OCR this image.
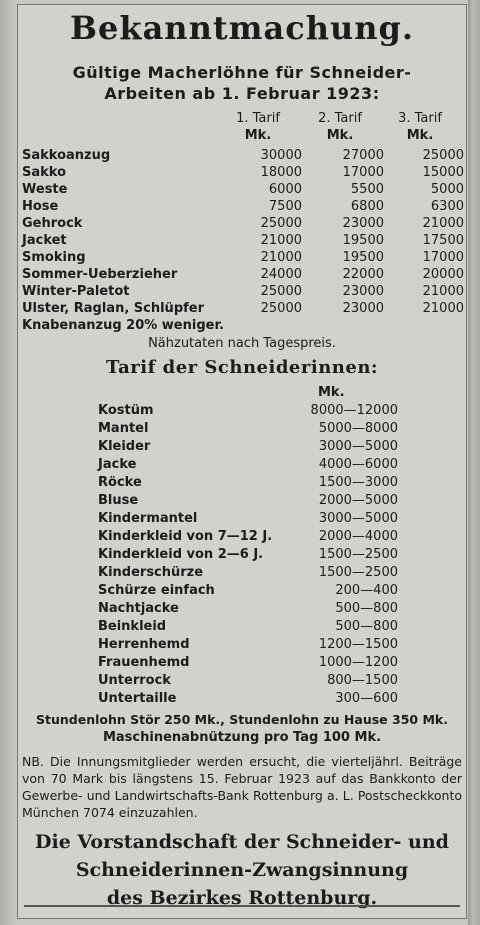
Bekanntmachung.
Gültige Macherlöhne für Schneider-
Arbeiten ab 1. Februar 1923:
1. Tarif	2. Tarif	3. Tarif
Mk.	Mk.	Mk.
Sakkoanzug	30000	27000	25000
Sakko	18000	17000	15000
Weste	6000	5500	5000
Hose	7500	6800	6300
Gehrock	25000	23000	21000
Jacket	21000	19500	17500
Smoking	21000	19500	17000
Sommer-Ueberzieher	24000	22000	20000
Winter-Paletot	25000	23000	21000
Ulster, Raglan, Schlüpfer	25000	23000	21000
Knabenanzug 20% weniger.
Nähzutaten nach Tagespreis.
Tarif der Schneiderinnen:
Mk.
Kostüm	8000—12000
Mantel	5000—8000
Kleider	3000—5000
Jacke	4000—6000
Röcke	1500—3000
Bluse	2000—5000
Kindermantel	3000—5000
Kinderkleid von 7—12 J.	2000—4000
Kinderkleid von 2—6 J.	1500—2500
Kinderschürze	1500—2500
Schürze einfach	200—400
Nachtjacke	500—800
Beinkleid	500—800
Herrenhemd	1200—1500
Frauenhemd	1000—1200
Unterrock	800—1500
Untertaille	300—600
Stundenlohn Stör 250 Mk., Stundenlohn zu Hause 350 Mk.
Maschinenabnützung pro Tag 100 Mk.
NB. Die Innungsmitglieder werden ersucht, die vierteljährl. Beiträge von 70 Mark bis längstens 15. Februar 1923 auf das Bankkonto der Gewerbe- und Landwirtschafts-Bank Rottenburg a. L. Postscheckkonto München 7074 einzuzahlen.
Die Vorstandschaft der Schneider- und
Schneiderinnen-Zwangsinnung
des Bezirkes Rottenburg.
